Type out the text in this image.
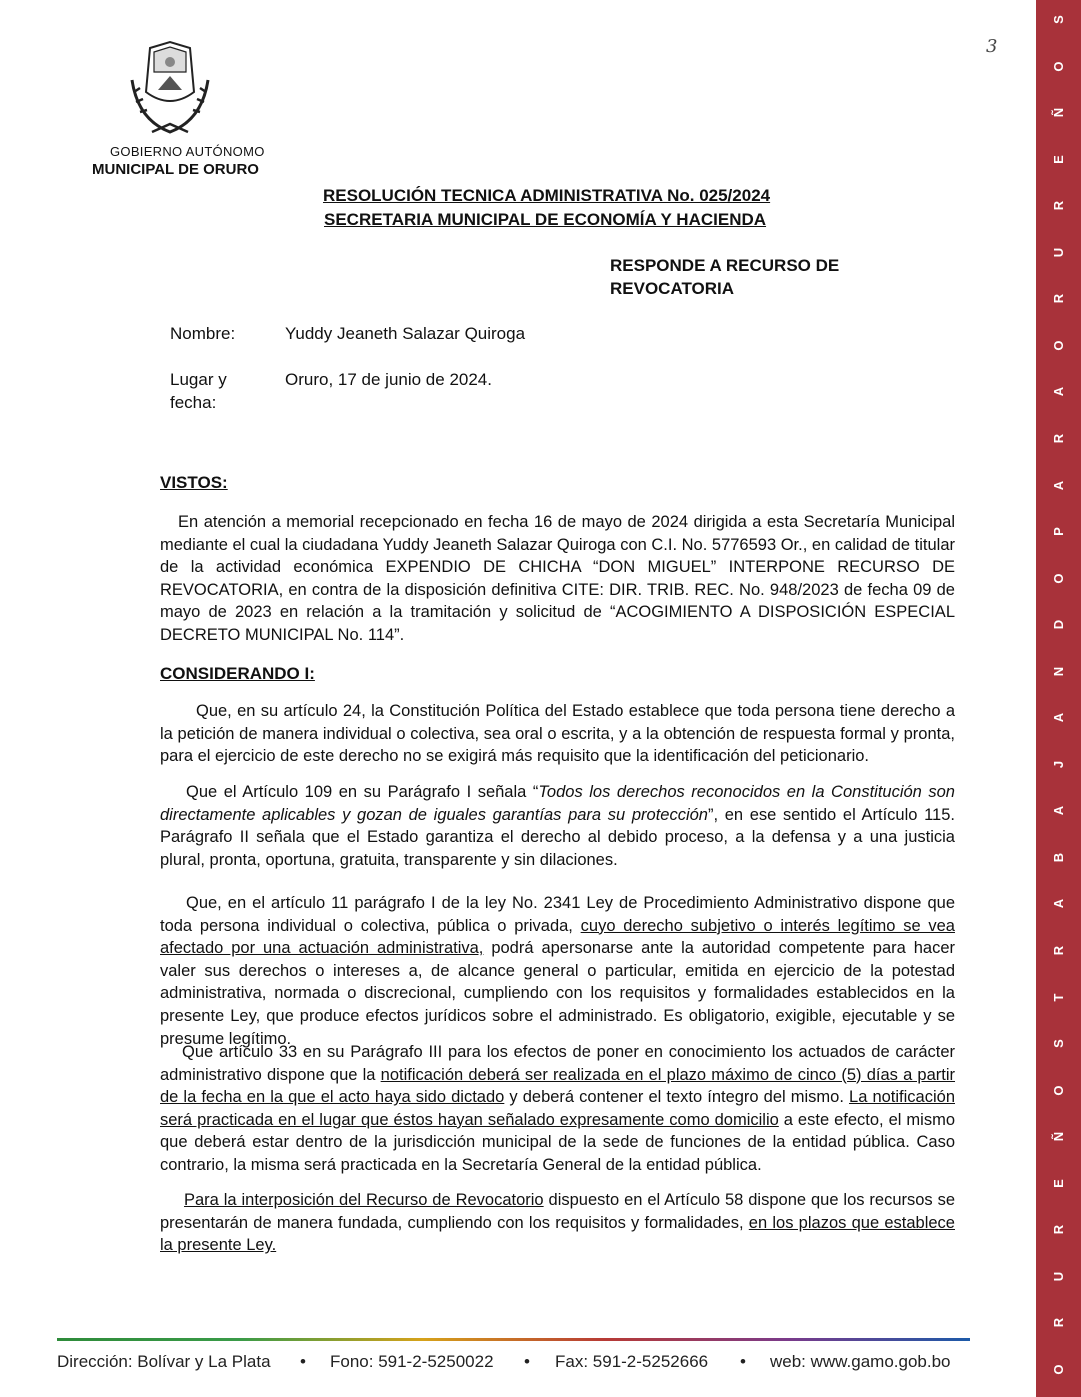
O
R
U
R
E
Ñ
O
S
T
R
A
B
A
J
A
N
D
O
P
A
R
A
O
R
U
R
E
Ñ
O
S
3
GOBIERNO AUTÓNOMO
MUNICIPAL DE ORURO
RESOLUCIÓN TECNICA ADMINISTRATIVA No. 025/2024
SECRETARIA MUNICIPAL DE ECONOMÍA Y HACIENDA
RESPONDE A RECURSO DE
REVOCATORIA
Nombre:	Yuddy Jeaneth Salazar Quiroga
Lugar y
fecha:
Oruro, 17 de junio de 2024.
VISTOS:
En atención a memorial recepcionado en fecha 16 de mayo de 2024 dirigida a esta Secretaría Municipal mediante el cual la ciudadana Yuddy Jeaneth Salazar Quiroga con C.I. No. 5776593 Or., en calidad de titular de la actividad económica EXPENDIO DE CHICHA “DON MIGUEL” INTERPONE RECURSO DE REVOCATORIA, en contra de la disposición definitiva CITE: DIR. TRIB. REC. No. 948/2023 de fecha 09 de mayo de 2023 en relación a la tramitación y solicitud de “ACOGIMIENTO A DISPOSICIÓN ESPECIAL DECRETO MUNICIPAL No. 114”.
CONSIDERANDO I:
Que, en su artículo 24, la Constitución Política del Estado establece que toda persona tiene derecho a la petición de manera individual o colectiva, sea oral o escrita, y a la obtención de respuesta formal y pronta, para el ejercicio de este derecho no se exigirá más requisito que la identificación del peticionario.
Que el Artículo 109 en su Parágrafo I señala “Todos los derechos reconocidos en la Constitución son directamente aplicables y gozan de iguales garantías para su protección”, en ese sentido el Artículo 115. Parágrafo II señala que el Estado garantiza el derecho al debido proceso, a la defensa y a una justicia plural, pronta, oportuna, gratuita, transparente y sin dilaciones.
Que, en el artículo 11 parágrafo I de la ley No. 2341 Ley de Procedimiento Administrativo dispone que toda persona individual o colectiva, pública o privada, cuyo derecho subjetivo o interés legítimo se vea afectado por una actuación administrativa, podrá apersonarse ante la autoridad competente para hacer valer sus derechos o intereses a, de alcance general o particular, emitida en ejercicio de la potestad administrativa, normada o discrecional, cumpliendo con los requisitos y formalidades establecidos en la presente Ley, que produce efectos jurídicos sobre el administrado. Es obligatorio, exigible, ejecutable y se presume legítimo.
Que artículo 33 en su Parágrafo III para los efectos de poner en conocimiento los actuados de carácter administrativo dispone que la notificación deberá ser realizada en el plazo máximo de cinco (5) días a partir de la fecha en la que el acto haya sido dictado y deberá contener el texto íntegro del mismo. La notificación será practicada en el lugar que éstos hayan señalado expresamente como domicilio a este efecto, el mismo que deberá estar dentro de la jurisdicción municipal de la sede de funciones de la entidad pública. Caso contrario, la misma será practicada en la Secretaría General de la entidad pública.
Para la interposición del Recurso de Revocatorio dispuesto en el Artículo 58 dispone que los recursos se presentarán de manera fundada, cumpliendo con los requisitos y formalidades, en los plazos que establece la presente Ley.
Dirección: Bolívar y La Plata • Fono: 591-2-5250022 • Fax: 591-2-5252666 • web: www.gamo.gob.bo
